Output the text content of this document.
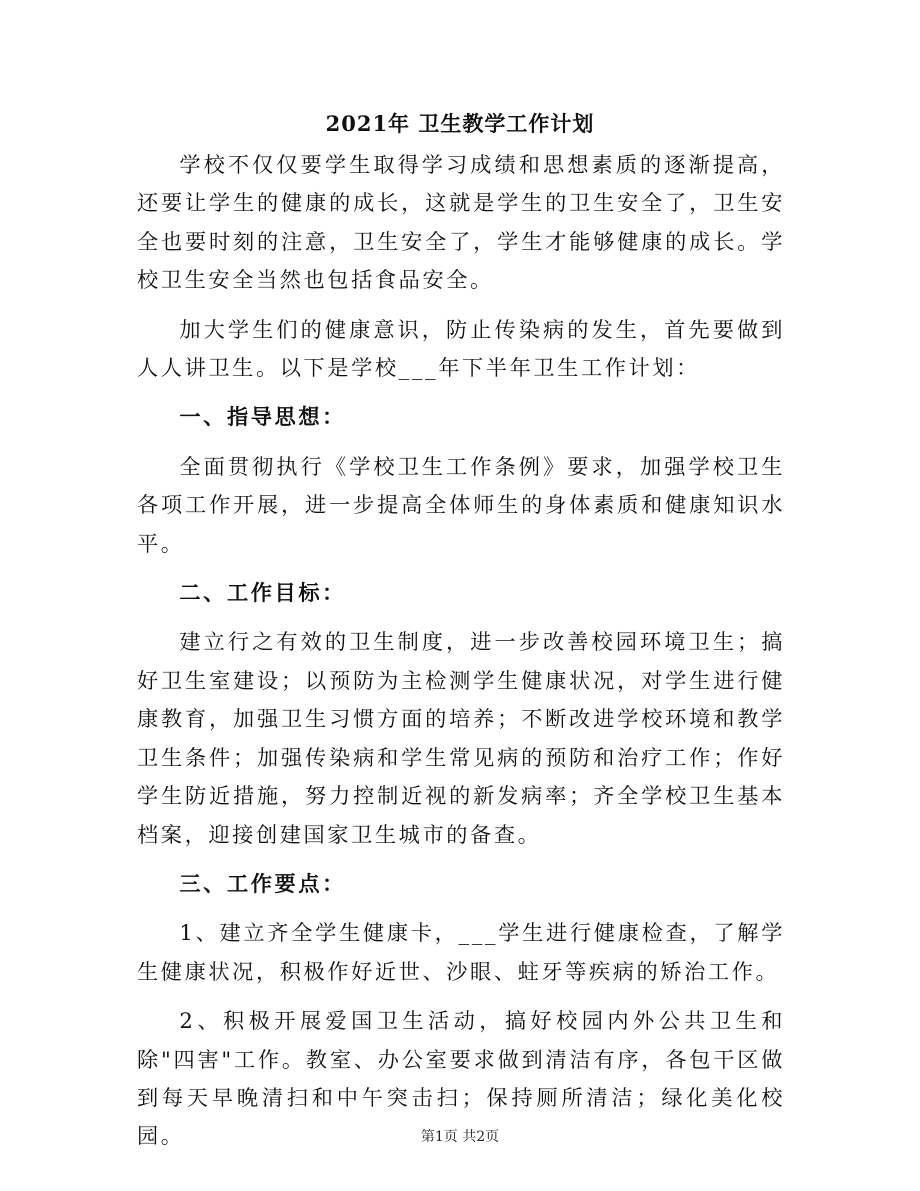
2021年 卫生教学工作计划

学校不仅仅要学生取得学习成绩和思想素质的逐渐提高，还要让学生的健康的成长，这就是学生的卫生安全了，卫生安全也要时刻的注意，卫生安全了，学生才能够健康的成长。学校卫生安全当然也包括食品安全。

加大学生们的健康意识，防止传染病的发生，首先要做到人人讲卫生。以下是学校___年下半年卫生工作计划：

一、指导思想：

全面贯彻执行《学校卫生工作条例》要求，加强学校卫生各项工作开展，进一步提高全体师生的身体素质和健康知识水平。

二、工作目标：

建立行之有效的卫生制度，进一步改善校园环境卫生；搞好卫生室建设；以预防为主检测学生健康状况，对学生进行健康教育，加强卫生习惯方面的培养；不断改进学校环境和教学卫生条件；加强传染病和学生常见病的预防和治疗工作；作好学生防近措施，努力控制近视的新发病率；齐全学校卫生基本档案，迎接创建国家卫生城市的备查。

三、工作要点：

1、建立齐全学生健康卡，___学生进行健康检查，了解学生健康状况，积极作好近世、沙眼、蛀牙等疾病的矫治工作。

2、积极开展爱国卫生活动，搞好校园内外公共卫生和除"四害"工作。教室、办公室要求做到清洁有序，各包干区做到每天早晚清扫和中午突击扫；保持厕所清洁；绿化美化校园。	第1页 共2页
